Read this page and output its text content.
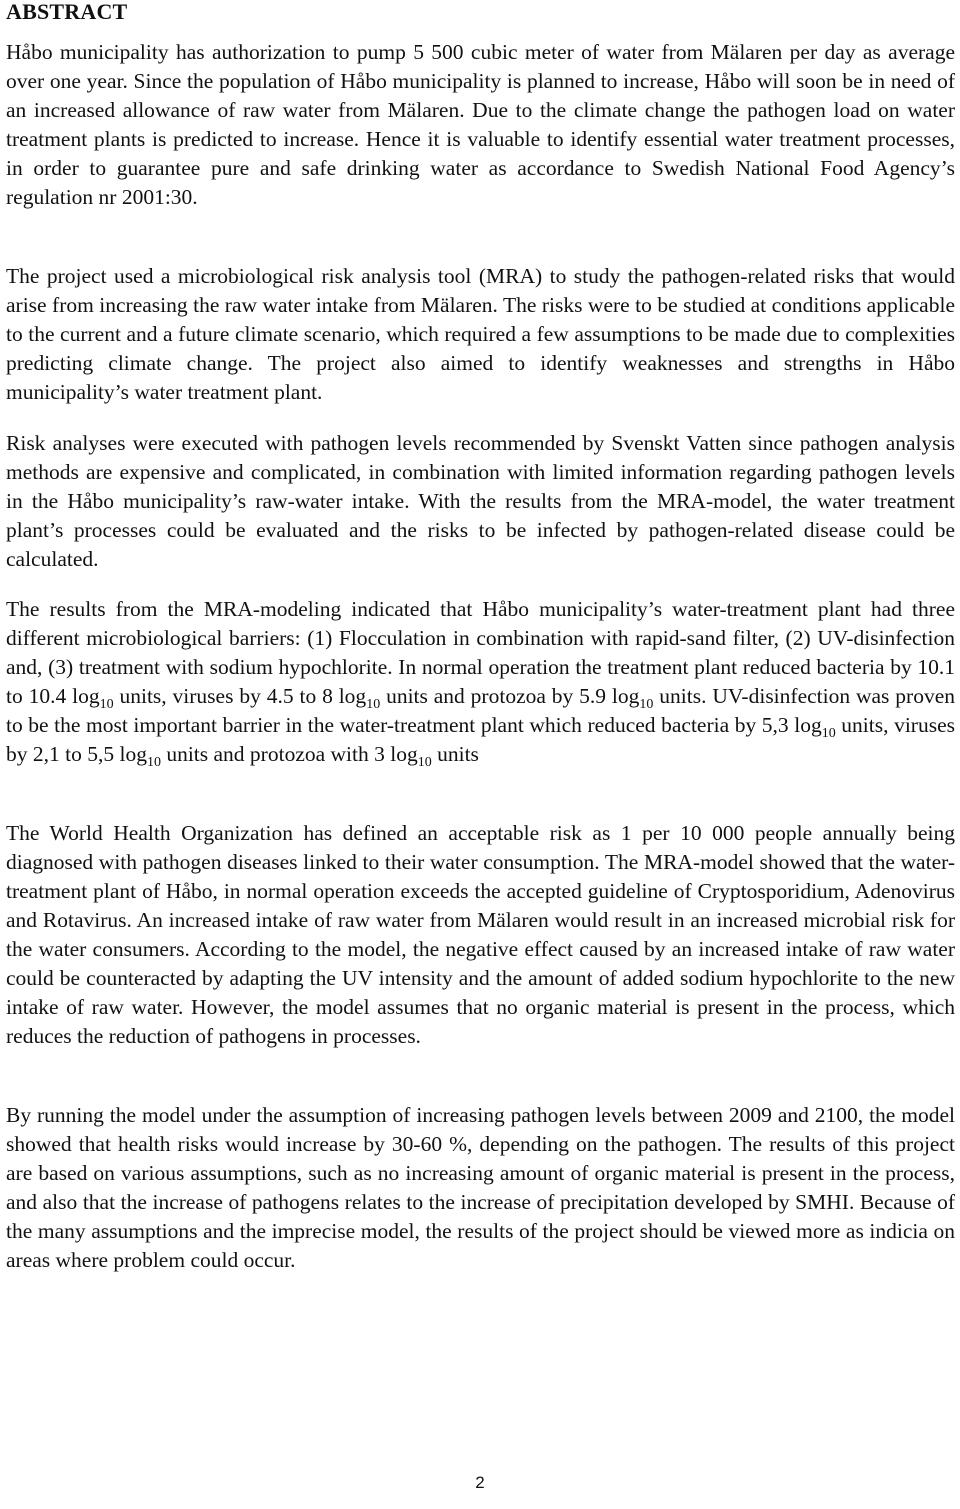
ABSTRACT

Håbo municipality has authorization to pump 5 500 cubic meter of water from Mälaren per day as average over one year. Since the population of Håbo municipality is planned to increase, Håbo will soon be in need of an increased allowance of raw water from Mälaren. Due to the climate change the pathogen load on water treatment plants is predicted to increase. Hence it is valuable to identify essential water treatment processes, in order to guarantee pure and safe drinking water as accordance to Swedish National Food Agency’s regulation nr 2001:30.

The project used a microbiological risk analysis tool (MRA) to study the pathogen-related risks that would arise from increasing the raw water intake from Mälaren. The risks were to be studied at conditions applicable to the current and a future climate scenario, which required a few assumptions to be made due to complexities predicting climate change. The project also aimed to identify weaknesses and strengths in Håbo municipality’s water treatment plant.

Risk analyses were executed with pathogen levels recommended by Svenskt Vatten since pathogen analysis methods are expensive and complicated, in combination with limited information regarding pathogen levels in the Håbo municipality’s raw-water intake. With the results from the MRA-model, the water treatment plant’s processes could be evaluated and the risks to be infected by pathogen-related disease could be calculated.

The results from the MRA-modeling indicated that Håbo municipality’s water-treatment plant had three different microbiological barriers: (1) Flocculation in combination with rapid-sand filter, (2) UV-disinfection and, (3) treatment with sodium hypochlorite. In normal operation the treatment plant reduced bacteria by 10.1 to 10.4 $\log_{10}$ units, viruses by 4.5 to 8 $\log_{10}$ units and protozoa by 5.9 $\log_{10}$ units. UV-disinfection was proven to be the most important barrier in the water-treatment plant which reduced bacteria by 5,3 $\log_{10}$ units, viruses by 2,1 to 5,5 $\log_{10}$ units and protozoa with 3 $\log_{10}$ units

The World Health Organization has defined an acceptable risk as 1 per 10 000 people annually being diagnosed with pathogen diseases linked to their water consumption. The MRA-model showed that the water-treatment plant of Håbo, in normal operation exceeds the accepted guideline of Cryptosporidium, Adenovirus and Rotavirus. An increased intake of raw water from Mälaren would result in an increased microbial risk for the water consumers. According to the model, the negative effect caused by an increased intake of raw water could be counteracted by adapting the UV intensity and the amount of added sodium hypochlorite to the new intake of raw water. However, the model assumes that no organic material is present in the process, which reduces the reduction of pathogens in processes.

By running the model under the assumption of increasing pathogen levels between 2009 and 2100, the model showed that health risks would increase by 30-60 %, depending on the pathogen. The results of this project are based on various assumptions, such as no increasing amount of organic material is present in the process, and also that the increase of pathogens relates to the increase of precipitation developed by SMHI. Because of the many assumptions and the imprecise model, the results of the project should be viewed more as indicia on areas where problem could occur.

2
